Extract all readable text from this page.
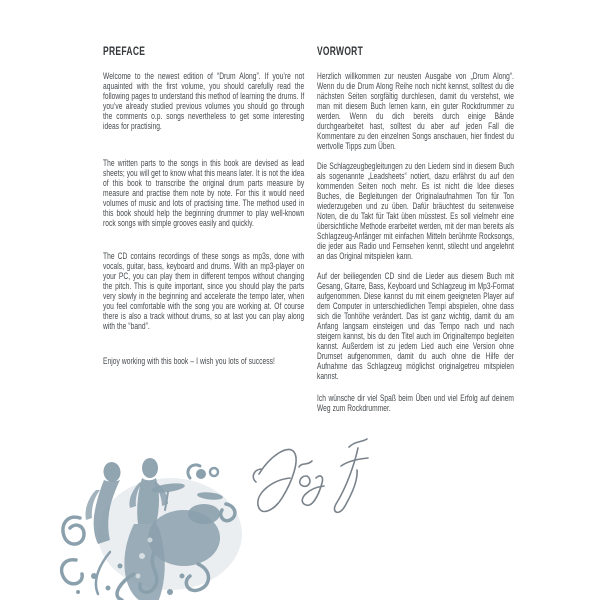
PREFACE

Welcome to the newest edition of “Drum Along”. If you’re not aquainted with the first volume, you should carefully read the following pages to understand this method of learning the drums. If you’ve already studied previous volumes you should go through the comments o.p. songs nevertheless to get some interesting ideas for practising.

The written parts to the songs in this book are devised as lead sheets; you will get to know what this means later. It is not the idea of this book to transcribe the original drum parts measure by measure and practise them note by note. For this it would need volumes of music and lots of practising time. The method used in this book should help the beginning drummer to play well-known rock songs with simple grooves easily and quickly.

The CD contains recordings of these songs as mp3s, done with vocals, guitar, bass, keyboard and drums. With an mp3-player on your PC, you can play them in different tempos without changing the pitch. This is quite important, since you should play the parts very slowly in the beginning and accelerate the tempo later, when you feel comfortable with the song you are working at. Of course there is also a track without drums, so at last you can play along with the “band”.

Enjoy working with this book – I wish you lots of success!

VORWORT

Herzlich willkommen zur neusten Ausgabe von „Drum Along“. Wenn du die Drum Along Reihe noch nicht kennst, solltest du die nächsten Seiten sorgfältig durchlesen, damit du verstehst, wie man mit diesem Buch lernen kann, ein guter Rockdrummer zu werden. Wenn du dich bereits durch einige Bände durchgearbeitet hast, solltest du aber auf jeden Fall die Kommentare zu den einzelnen Songs anschauen, hier findest du wertvolle Tipps zum Üben.

Die Schlagzeugbegleitungen zu den Liedern sind in diesem Buch als sogenannte „Leadsheets“ notiert, dazu erfährst du auf den kommenden Seiten noch mehr. Es ist nicht die Idee dieses Buches, die Begleitungen der Originalaufnahmen Ton für Ton wiederzugeben und zu üben. Dafür bräuchtest du seitenweise Noten, die du Takt für Takt üben müsstest. Es soll vielmehr eine übersichtliche Methode erarbeitet werden, mit der man bereits als Schlagzeug-Anfänger mit einfachen Mitteln berühmte Rocksongs, die jeder aus Radio und Fernsehen kennt, stilecht und angelehnt an das Original mitspielen kann.

Auf der beiliegenden CD sind die Lieder aus diesem Buch mit Gesang, Gitarre, Bass, Keyboard und Schlagzeug im Mp3-Format aufgenommen. Diese kannst du mit einem geeigneten Player auf dem Computer in unterschiedlichen Tempi abspielen, ohne dass sich die Tonhöhe verändert. Das ist ganz wichtig, damit du am Anfang langsam einsteigen und das Tempo nach und nach steigern kannst, bis du den Titel auch im Originaltempo begleiten kannst. Außerdem ist zu jedem Lied auch eine Version ohne Drumset aufgenommen, damit du auch ohne die Hilfe der Aufnahme das Schlagzeug möglichst originalgetreu mitspielen kannst.

Ich wünsche dir viel Spaß beim Üben und viel Erfolg auf deinem Weg zum Rockdrummer.
